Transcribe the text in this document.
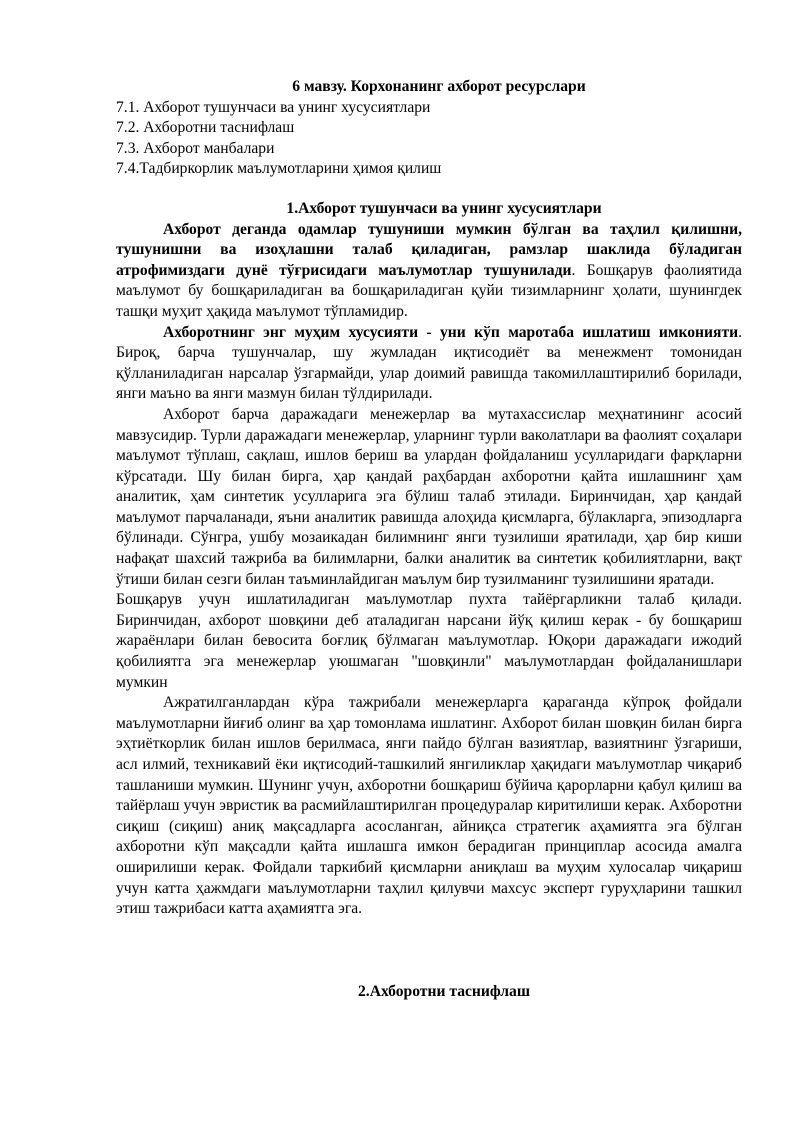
6 мавзу. Корхонанинг ахборот ресурслари
7.1. Ахборот тушунчаси ва унинг хусусиятлари
7.2. Ахборотни таснифлаш
7.3. Ахборот манбалари
7.4.Тадбиркорлик маълумотларини ҳимоя қилиш
1.Ахборот тушунчаси ва унинг хусусиятлари

Ахборот деганда одамлар тушуниши мумкин бўлган ва таҳлил қилишни, тушунишни ва изоҳлашни талаб қиладиган, рамзлар шаклида бўладиган атрофимиздаги дунё тўғрисидаги маълумотлар тушунилади. Бошқарув фаолиятида маълумот бу бошқариладиган ва бошқариладиган қуйи тизимларнинг ҳолати, шунингдек ташқи муҳит ҳақида маълумот тўпламидир.

Ахборотнинг энг муҳим хусусияти - уни кўп маротаба ишлатиш имконияти. Бироқ, барча тушунчалар, шу жумладан иқтисодиёт ва менежмент томонидан қўлланиладиган нарсалар ўзгармайди, улар доимий равишда такомиллаштирилиб борилади, янги маъно ва янги мазмун билан тўлдирилади.

Ахборот барча даражадаги менежерлар ва мутахассислар меҳнатининг асосий мавзусидир. Турли даражадаги менежерлар, уларнинг турли ваколатлари ва фаолият соҳалари маълумот тўплаш, сақлаш, ишлов бериш ва улардан фойдаланиш усулларидаги фарқларни кўрсатади. Шу билан бирга, ҳар қандай раҳбардан ахборотни қайта ишлашнинг ҳам аналитик, ҳам синтетик усулларига эга бўлиш талаб этилади. Биринчидан, ҳар қандай маълумот парчаланади, яъни аналитик равишда алоҳида қисмларга, бўлакларга, эпизодларга бўлинади. Сўнгра, ушбу мозаикадан билимнинг янги тузилиши яратилади, ҳар бир киши нафақат шахсий тажриба ва билимларни, балки аналитик ва синтетик қобилиятларни, вақт ўтиши билан сезги билан таъминлайдиган маълум бир тузилманинг тузилишини яратади.

Бошқарув учун ишлатиладиган маълумотлар пухта тайёргарликни талаб қилади. Биринчидан, ахборот шовқини деб аталадиган нарсани йўқ қилиш керак - бу бошқариш жараёнлари билан бевосита боғлиқ бўлмаган маълумотлар. Юқори даражадаги ижодий қобилиятга эга менежерлар уюшмаган "шовқинли" маълумотлардан фойдаланишлари мумкин

Ажратилганлардан кўра тажрибали менежерларга қараганда кўпроқ фойдали маълумотларни йиғиб олинг ва ҳар томонлама ишлатинг. Ахборот билан шовқин билан бирга эҳтиёткорлик билан ишлов берилмаса, янги пайдо бўлган вазиятлар, вазиятнинг ўзгариши, асл илмий, техникавий ёки иқтисодий-ташкилий янгиликлар ҳақидаги маълумотлар чиқариб ташланиши мумкин. Шунинг учун, ахборотни бошқариш бўйича қарорларни қабул қилиш ва тайёрлаш учун эвристик ва расмийлаштирилган процедуралар киритилиши керак. Ахборотни сиқиш (сиқиш) аниқ мақсадларга асосланган, айниқса стратегик аҳамиятга эга бўлган ахборотни кўп мақсадли қайта ишлашга имкон берадиган принциплар асосида амалга оширилиши керак. Фойдали таркибий қисмларни аниқлаш ва муҳим хулосалар чиқариш учун катта ҳажмдаги маълумотларни таҳлил қилувчи махсус эксперт гуруҳларини ташкил этиш тажрибаси катта аҳамиятга эга.

2.Ахборотни таснифлаш
